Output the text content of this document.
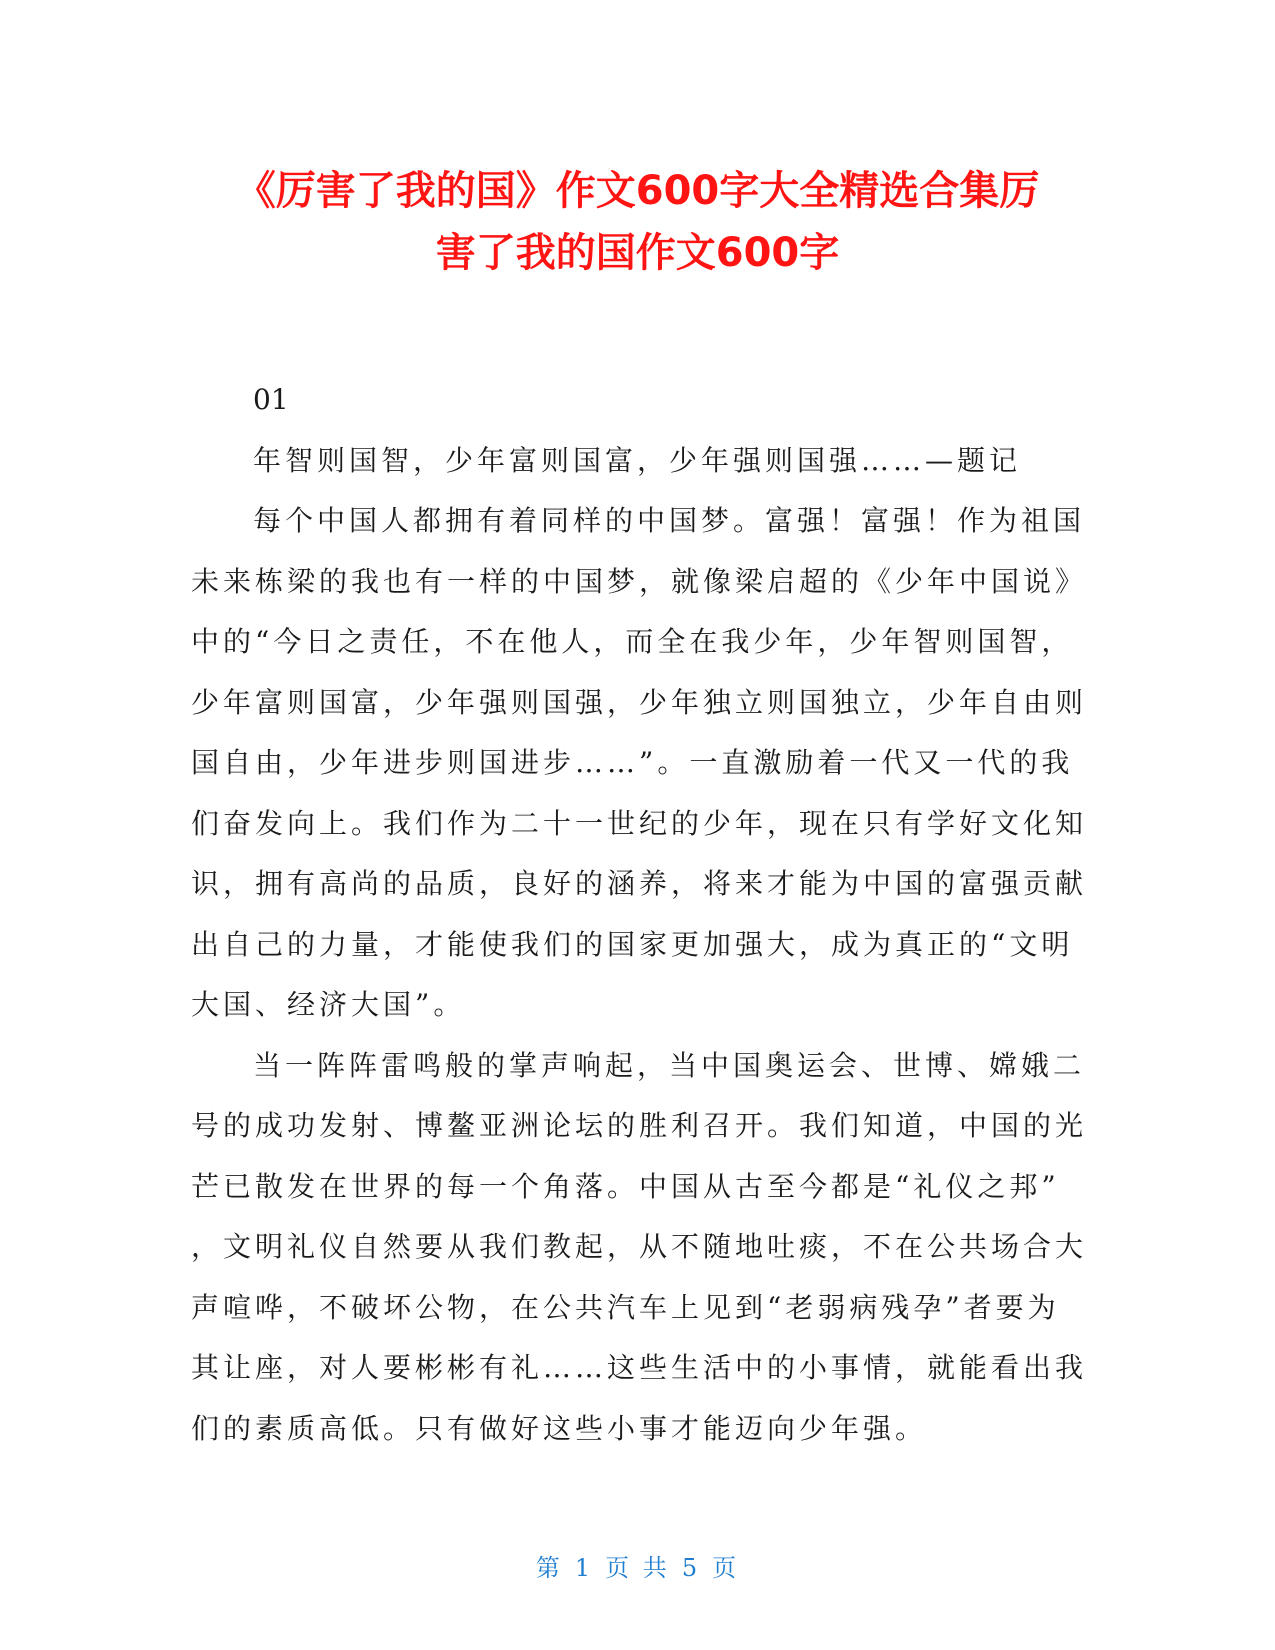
《厉害了我的国》作文600字大全精选合集厉
害了我的国作文600字

01

年智则国智，少年富则国富，少年强则国强……—题记

每个中国人都拥有着同样的中国梦。富强！富强！作为祖国
未来栋梁的我也有一样的中国梦，就像梁启超的《少年中国说》
中的“今日之责任，不在他人，而全在我少年，少年智则国智，
少年富则国富，少年强则国强，少年独立则国独立，少年自由则
国自由，少年进步则国进步……”。一直激励着一代又一代的我
们奋发向上。我们作为二十一世纪的少年，现在只有学好文化知
识，拥有高尚的品质，良好的涵养，将来才能为中国的富强贡献
出自己的力量，才能使我们的国家更加强大，成为真正的“文明
大国、经济大国”。

当一阵阵雷鸣般的掌声响起，当中国奥运会、世博、嫦娥二
号的成功发射、博鳌亚洲论坛的胜利召开。我们知道，中国的光
芒已散发在世界的每一个角落。中国从古至今都是“礼仪之邦”
，文明礼仪自然要从我们教起，从不随地吐痰，不在公共场合大
声喧哗，不破坏公物，在公共汽车上见到“老弱病残孕”者要为
其让座，对人要彬彬有礼……这些生活中的小事情，就能看出我
们的素质高低。只有做好这些小事才能迈向少年强。

第 1 页 共 5 页
